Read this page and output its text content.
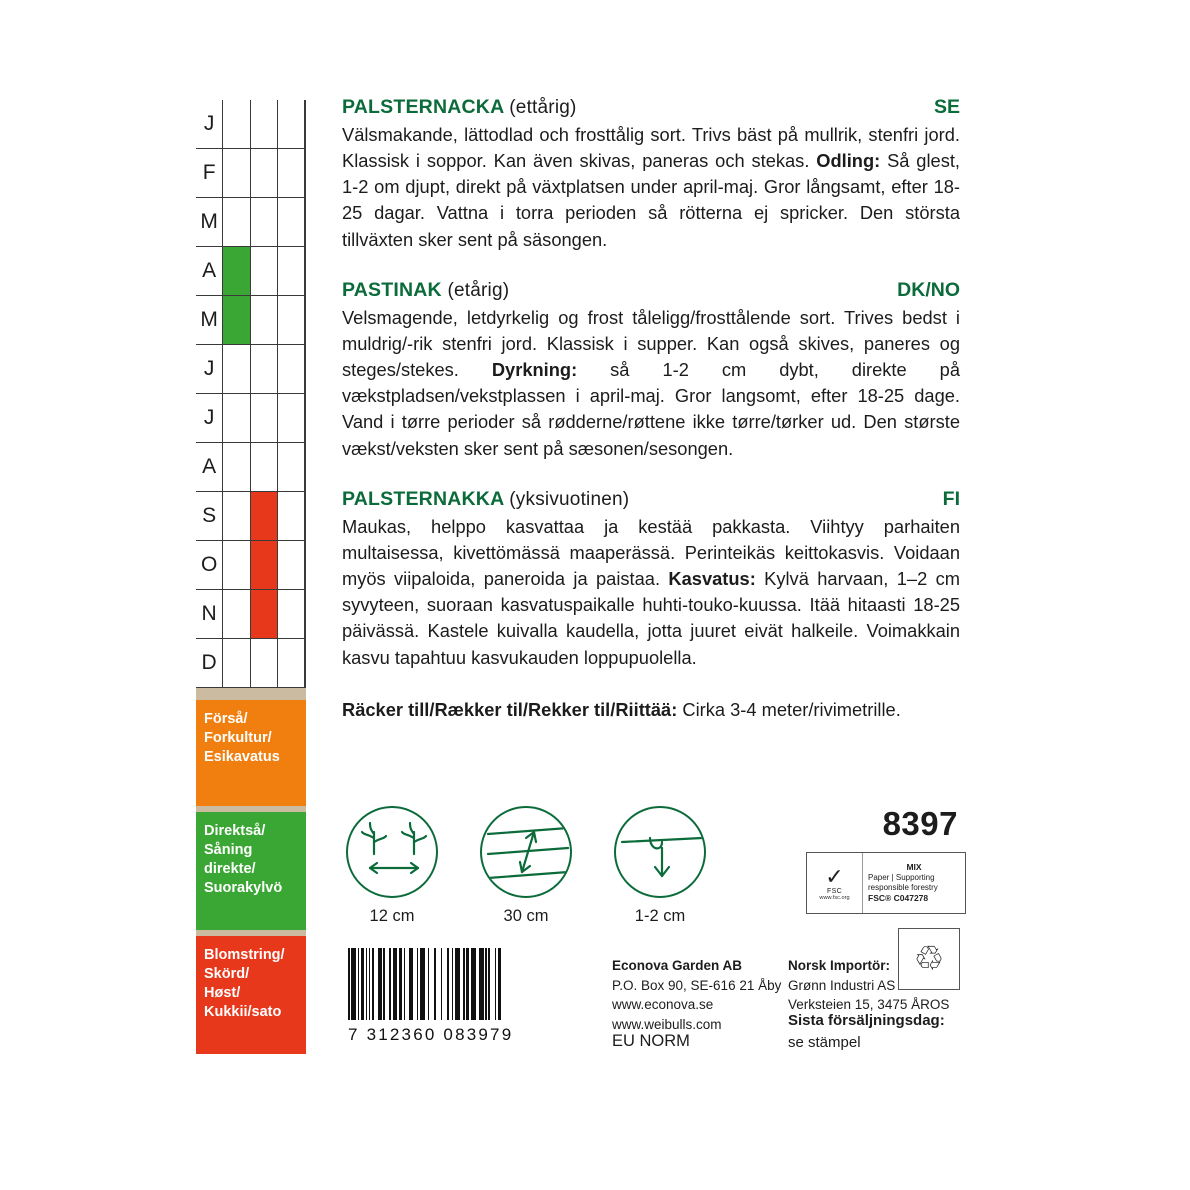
J
F
M
A
M
J
J
A
S
O
N
D
Förså/
Forkultur/
Esikavatus
Direktså/
Såning
direkte/
Suorakylvö
Blomstring/
Skörd/
Høst/
Kukkii/sato
PALSTERNACKA (ettårig)	SE
Välsmakande, lättodlad och frosttålig sort. Trivs bäst på mullrik, stenfri jord. Klassisk i soppor. Kan även skivas, paneras och stekas. Odling: Så glest, 1-2 om djupt, direkt på växtplatsen under april-maj. Gror långsamt, efter 18-25 dagar. Vattna i torra perioden så rötterna ej spricker. Den största tillväxten sker sent på säsongen.
PASTINAK (etårig)	DK/NO
Velsmagende, letdyrkelig og frost tåleligg/frosttålende sort. Trives bedst i muldrig/-rik stenfri jord. Klassisk i supper. Kan også skives, paneres og steges/stekes. Dyrkning: så 1-2 cm dybt, direkte på vækstpladsen/vekstplassen i april-maj. Gror langsomt, efter 18-25 dage. Vand i tørre perioder så rødderne/røttene ikke tørre/tørker ud. Den største vækst/veksten sker sent på sæsonen/sesongen.
PALSTERNAKKA (yksivuotinen)	FI
Maukas, helppo kasvattaa ja kestää pakkasta. Viihtyy parhaiten multaisessa, kivettömässä maaperässä. Perinteikäs keittokasvis. Voidaan myös viipaloida, paneroida ja paistaa. Kasvatus: Kylvä harvaan, 1–2 cm syvyteen, suoraan kasvatuspaikalle huhti-touko-kuussa. Itää hitaasti 18-25 päivässä. Kastele kuivalla kaudella, jotta juuret eivät halkeile. Voimakkain kasvu tapahtuu kasvukauden loppupuolella.
Räcker till/Rækker til/Rekker til/Riittää: Cirka 3-4 meter/rivimetrille.
12 cm	30 cm	1-2 cm
8397
✓
FSC
www.fsc.org
MIX
Paper | Supporting
responsible forestry
FSC® C047278
♲
7 312360 083979	EU NORM
Econova Garden AB
P.O. Box 90, SE-616 21 Åby
www.econova.se
www.weibulls.com
Norsk Importör:
Grønn Industri AS
Verksteien 15, 3475 ÅROS
Sista försäljningsdag:
se stämpel
